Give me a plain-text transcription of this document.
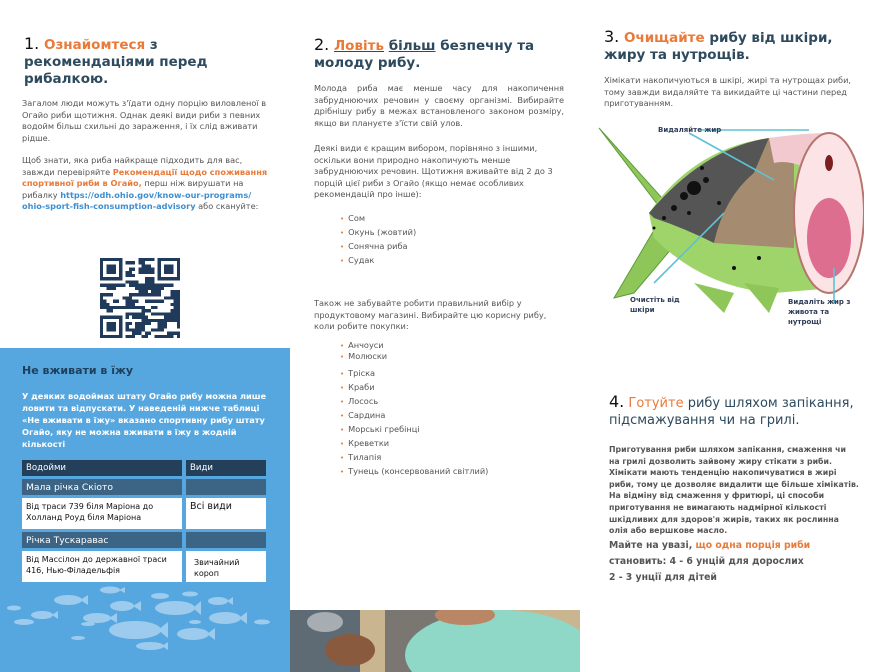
1. Ознайомтеся з рекомендаціями перед рибалкою.
Загалом люди можуть з'їдати одну порцію виловленої в Огайо риби щотижня. Однак деякі види риби з певних водойм більш схильні до зараження, і їх слід вживати рідше.
Щоб знати, яка риба найкраще підходить для вас, завжди перевіряйте Рекомендації щодо споживання спортивної риби в Огайо, перш ніж вирушати на рибалку https://odh.ohio.gov/know-our-programs/ ohio-sport-fish-consumption-advisory або скануйте:
Не вживати в їжу
У деяких водоймах штату Огайо рибу можна лише ловити та відпускати. У наведеній нижче таблиці «Не вживати в їжу» вказано спортивну рибу штату Огайо, яку не можна вживати в їжу в жодній кількості
Водойми	Види
Мала річка Скіото
Від траси 739 біля Маріона до Холланд Роуд біля Маріона
Всі види
Річка Тускаравас
Від Массілон до державної траси 416, Нью-Філадельфія
Звичайний короп
2. Ловіть більш безпечну та молоду рибу.
Молода риба має менше часу для накопичення забруднюючих речовин у своєму організмі. Вибирайте дрібнішу рибу в межах встановленого законом розміру, якщо ви плануєте з'їсти свій улов.
Деякі види є кращим вибором, порівняно з іншими, оскільки вони природно накопичують менше забруднюючих речовин. Щотижня вживайте від 2 до 3 порцій цієї риби з Огайо (якщо немає особливих рекомендацій про інше):
• Сом
• Окунь (жовтий)
• Сонячна риба
• Судак
Також не забувайте робити правильний вибір у продуктовому магазині. Вибирайте цю корисну рибу, коли робите покупки:
• Анчоуси
• Молюски
• Тріска
• Краби
• Лосось
• Сардина
• Морські гребінці
• Креветки
• Тилапія
• Тунець (консервований світлий)
3. Очищайте рибу від шкіри, жиру та нутрощів.
Хімікати накопичуються в шкірі, жирі та нутрощах риби, тому завжди видаляйте та викидайте ці частини перед приготуванням.
Видаляйте жир
Очистіть від шкіри
Видаліть жир з живота та нутрощі
4. Готуйте рибу шляхом запікання, підсмажування чи на грилі.
Приготування риби шляхом запікання, смаження чи на грилі дозволить зайвому жиру стікати з риби. Хімікати мають тенденцію накопичуватися в жирі риби, тому це дозволяє видалити ще більше хімікатів. На відміну від смаження у фритюрі, ці способи приготування не вимагають надмірної кількості шкідливих для здоров'я жирів, таких як рослинна олія або вершкове масло.
Майте на увазі, що одна порція риби
становить: 4 - 6 унцій для дорослих
2 - 3 унції для дітей
